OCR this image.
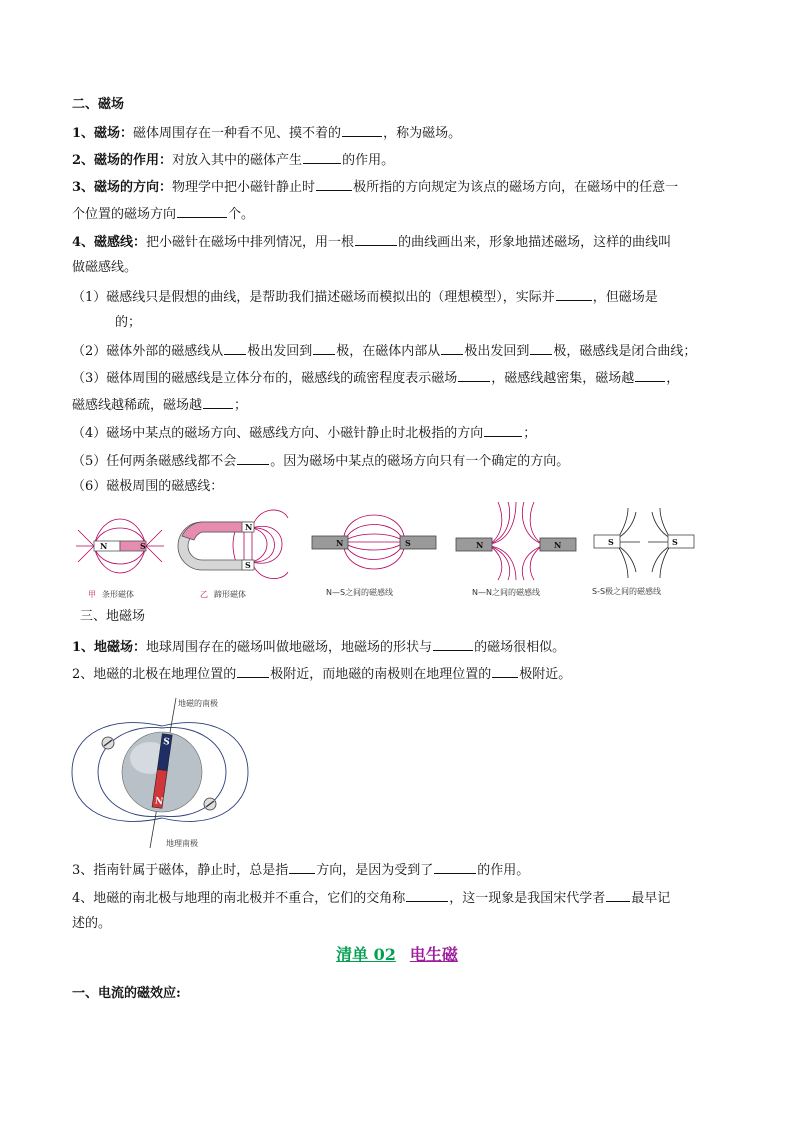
二、磁场
1、磁场：磁体周围存在一种看不见、摸不着的	，称为磁场。
2、磁场的作用：对放入其中的磁体产生	的作用。
3、磁场的方向：物理学中把小磁针静止时	极所指的方向规定为该点的磁场方向，在磁场中的任意一
个位置的磁场方向	个。
4、磁感线：把小磁针在磁场中排列情况，用一根	的曲线画出来，形象地描述磁场，这样的曲线叫
做磁感线。
（1）磁感线只是假想的曲线，是帮助我们描述磁场而模拟出的（理想模型），实际并	，但磁场是
的；
（2）磁体外部的磁感线从 极出发回到 极，在磁体内部从 极出发回到 极，磁感线是闭合曲线；
（3）磁体周围的磁感线是立体分布的，磁感线的疏密程度表示磁场	，磁感线越密集，磁场越 ，
磁感线越稀疏，磁场越 ；
（4）磁场中某点的磁场方向、磁感线方向、小磁针静止时北极指的方向	；
（5）任何两条磁感线都不会	。因为磁场中某点的磁场方向只有一个确定的方向。
（6）磁极周围的磁感线：
N	S
甲 条形磁体
N
S
乙 蹄形磁体
N	S
N—S之间的磁感线
N	N
N—N之间的磁感线
S	S
S-S极之间的磁感线
三、地磁场
1、地磁场：地球周围存在的磁场叫做地磁场，地磁场的形状与	的磁场很相似。
2、地磁的北极在地理位置的	极附近，而地磁的南极则在地理位置的 极附近。
S
N
地磁的南极
地理南极
3、指南针属于磁体，静止时，总是指 方向，是因为受到了	的作用。
4、地磁的南北极与地理的南北极并不重合，它们的交角称	，这一现象是我国宋代学者 最早记
述的。
清单 02 电生磁
一、电流的磁效应:
